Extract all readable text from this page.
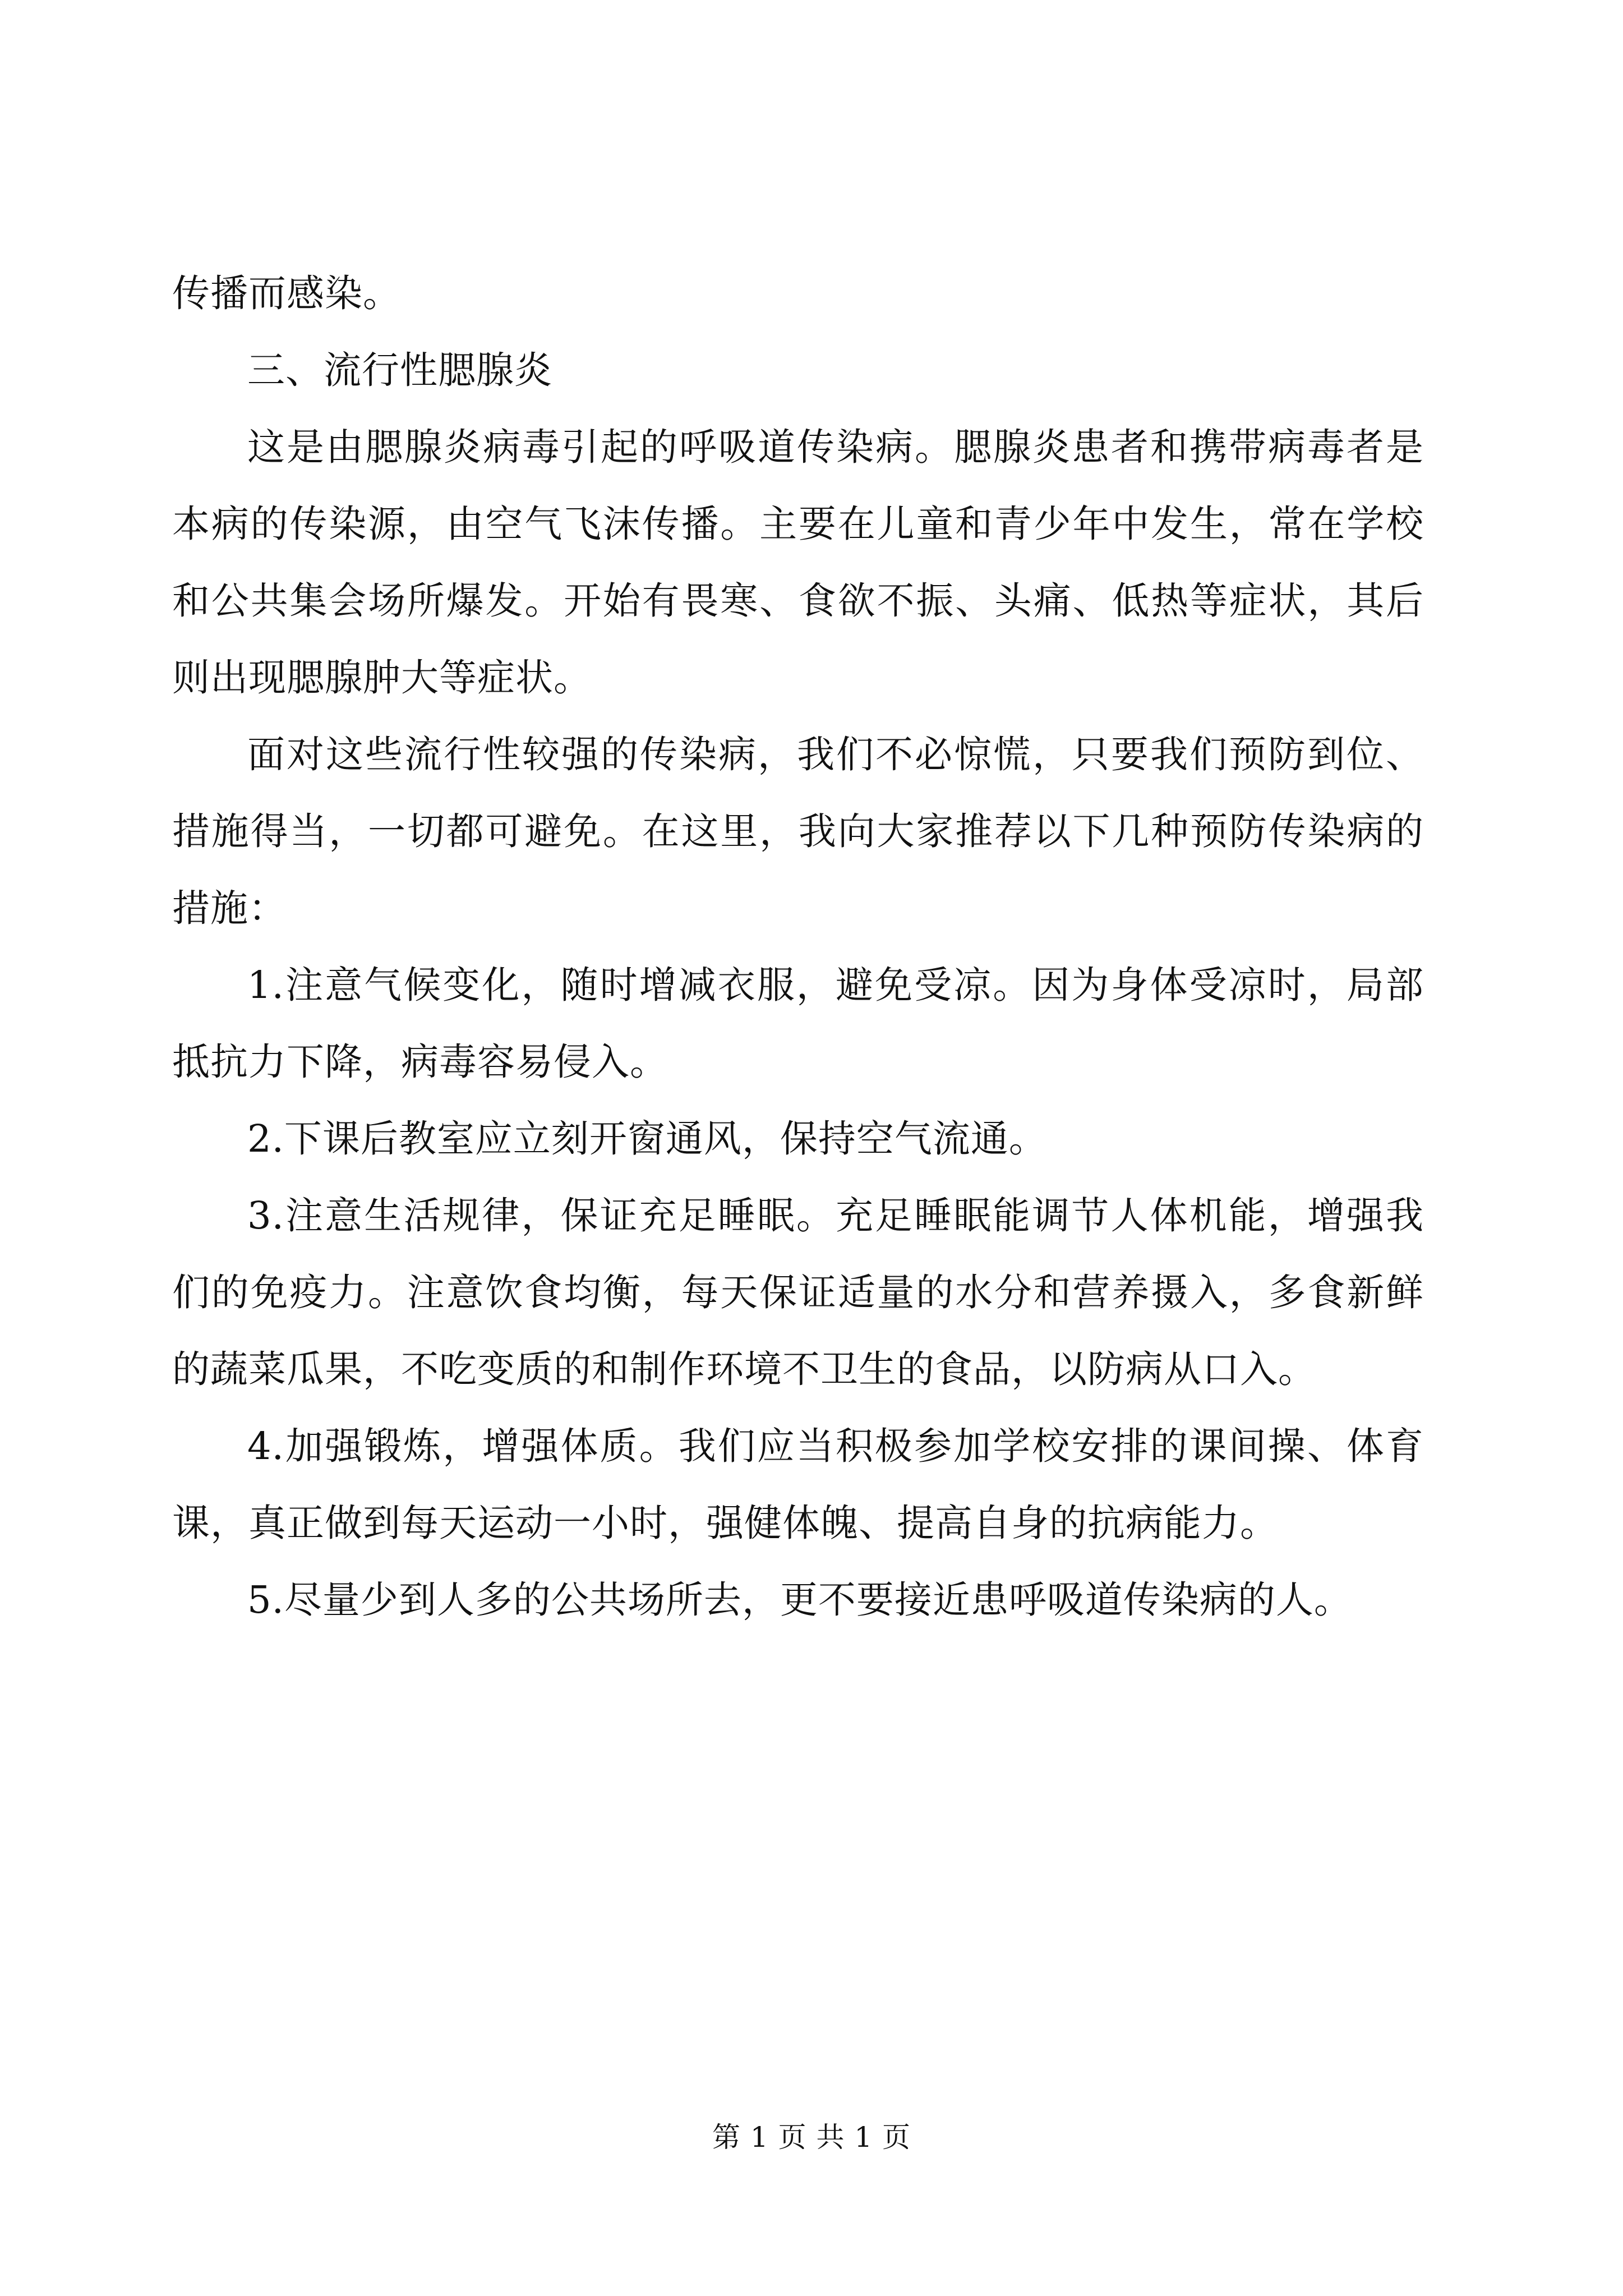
传播而感染。

三、流行性腮腺炎

这是由腮腺炎病毒引起的呼吸道传染病。腮腺炎患者和携带病毒者是本病的传染源，由空气飞沫传播。主要在儿童和青少年中发生，常在学校和公共集会场所爆发。开始有畏寒、食欲不振、头痛、低热等症状，其后则出现腮腺肿大等症状。

面对这些流行性较强的传染病，我们不必惊慌，只要我们预防到位、措施得当，一切都可避免。在这里，我向大家推荐以下几种预防传染病的措施：

1.注意气候变化，随时增减衣服，避免受凉。因为身体受凉时，局部抵抗力下降，病毒容易侵入。

2.下课后教室应立刻开窗通风，保持空气流通。

3.注意生活规律，保证充足睡眠。充足睡眠能调节人体机能，增强我们的免疫力。注意饮食均衡，每天保证适量的水分和营养摄入，多食新鲜的蔬菜瓜果，不吃变质的和制作环境不卫生的食品，以防病从口入。

4.加强锻炼，增强体质。我们应当积极参加学校安排的课间操、体育课，真正做到每天运动一小时，强健体魄、提高自身的抗病能力。

5.尽量少到人多的公共场所去，更不要接近患呼吸道传染病的人。

第 1 页 共 1 页
